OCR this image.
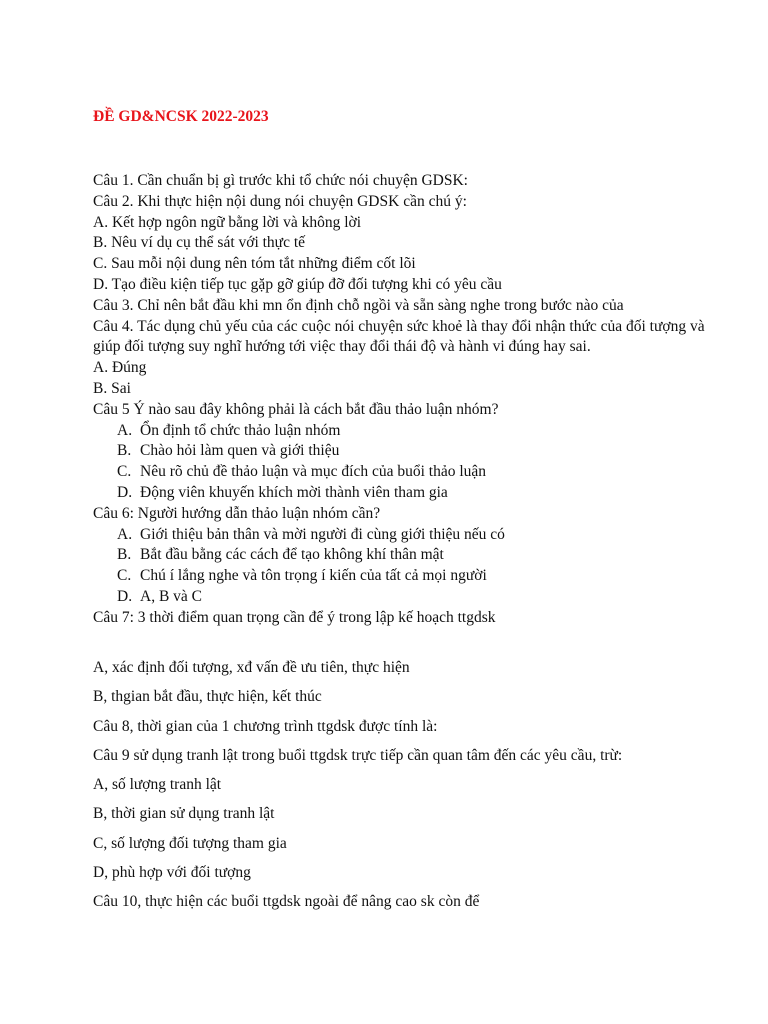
ĐỀ GD&NCSK 2022-2023
Câu 1. Cần chuẩn bị gì trước khi tổ chức nói chuyện GDSK:
Câu 2. Khi thực hiện nội dung nói chuyện GDSK cần chú ý:
A. Kết hợp ngôn ngữ bằng lời và không lời
B. Nêu ví dụ cụ thể sát với thực tế
C. Sau mỗi nội dung nên tóm tắt những điểm cốt lõi
D. Tạo điều kiện tiếp tục gặp gỡ giúp đỡ đối tượng khi có yêu cầu
Câu 3. Chỉ nên bắt đầu khi mn ổn định chỗ ngồi và sẵn sàng nghe trong bước nào của
Câu 4. Tác dụng chủ yếu của các cuộc nói chuyện sức khoẻ là thay đổi nhận thức của đối tượng và giúp đối tượng suy nghĩ hướng tới việc thay đổi thái độ và hành vi đúng hay sai.
A. Đúng
B. Sai
Câu 5 Ý nào sau đây không phải là cách bắt đầu thảo luận nhóm?
A. Ổn định tổ chức thảo luận nhóm
B. Chào hỏi làm quen và giới thiệu
C. Nêu rõ chủ đề thảo luận và mục đích của buổi thảo luận
D. Động viên khuyến khích mời thành viên tham gia
Câu 6: Người hướng dẫn thảo luận nhóm cần?
A. Giới thiệu bản thân và mời người đi cùng giới thiệu nếu có
B. Bắt đầu bằng các cách để tạo không khí thân mật
C. Chú í lắng nghe và tôn trọng í kiến của tất cả mọi người
D. A, B và C
Câu 7: 3 thời điểm quan trọng cần để ý trong lập kế hoạch ttgdsk
A, xác định đối tượng, xđ vấn đề ưu tiên, thực hiện
B, thgian bắt đầu, thực hiện, kết thúc
Câu 8, thời gian của 1 chương trình ttgdsk được tính là:
Câu 9 sử dụng tranh lật trong buổi ttgdsk trực tiếp cần quan tâm đến các yêu cầu, trừ:
A, số lượng tranh lật
B, thời gian sử dụng tranh lật
C, số lượng đối tượng tham gia
D, phù hợp với đối tượng
Câu 10, thực hiện các buổi ttgdsk ngoài để nâng cao sk còn để
